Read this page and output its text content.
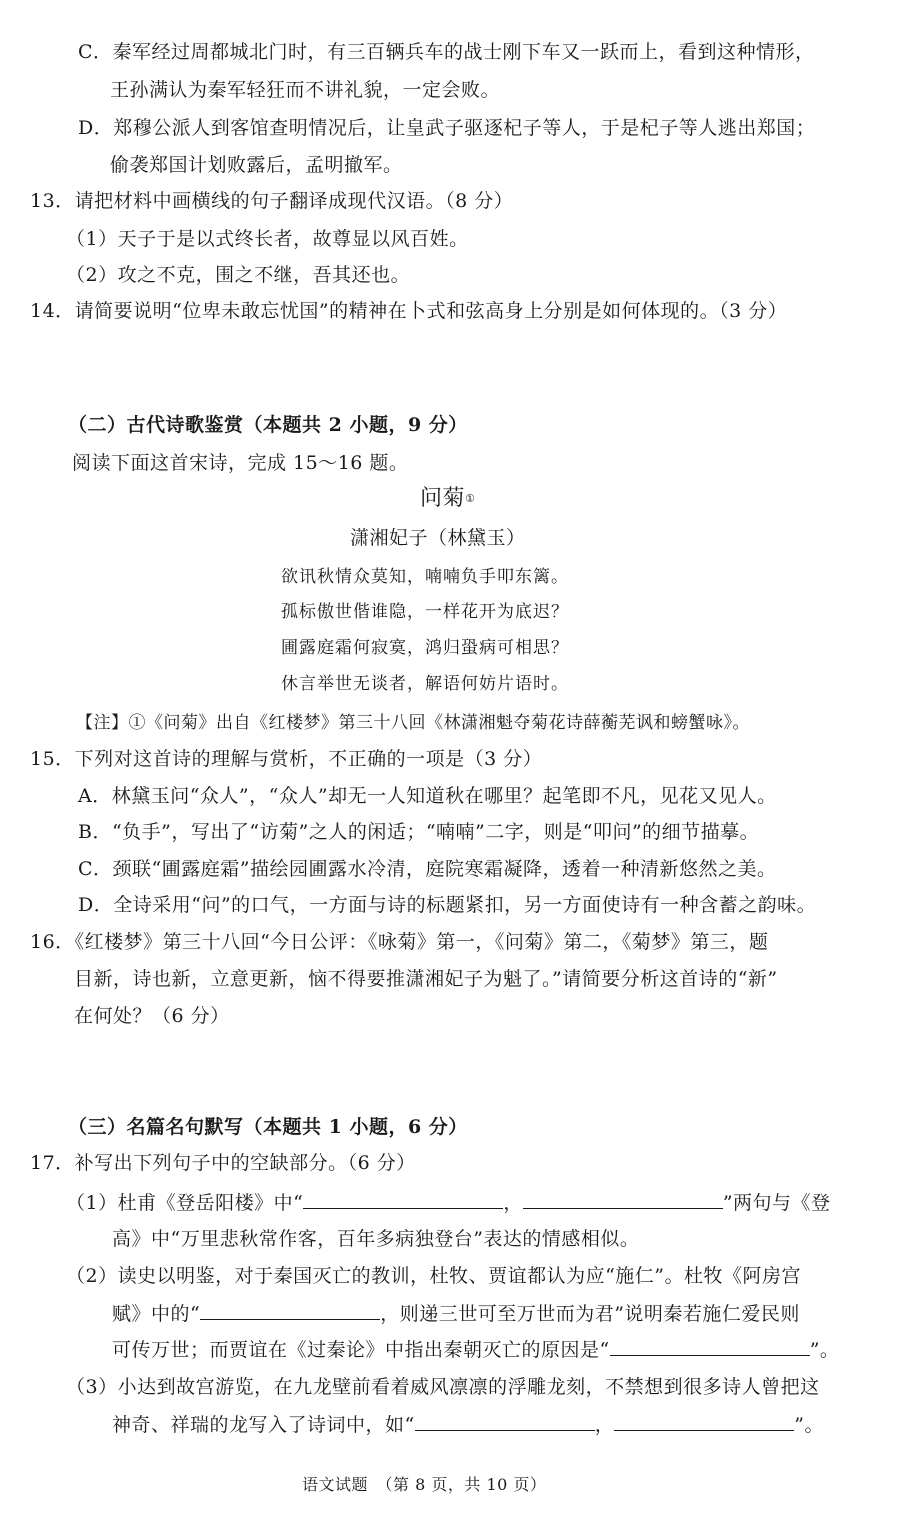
C．秦军经过周都城北门时，有三百辆兵车的战士刚下车又一跃而上，看到这种情形，
王孙满认为秦军轻狂而不讲礼貌，一定会败。
D．郑穆公派人到客馆查明情况后，让皇武子驱逐杞子等人，于是杞子等人逃出郑国；
偷袭郑国计划败露后，孟明撤军。
13．请把材料中画横线的句子翻译成现代汉语。（8 分）
（1）天子于是以式终长者，故尊显以风百姓。
（2）攻之不克，围之不继，吾其还也。
14．请简要说明“位卑未敢忘忧国”的精神在卜式和弦高身上分别是如何体现的。（3 分）
（二）古代诗歌鉴赏（本题共 2 小题，9 分）
阅读下面这首宋诗，完成 15～16 题。
问菊①
潇湘妃子（林黛玉）
欲讯秋情众莫知，喃喃负手叩东篱。
孤标傲世偕谁隐，一样花开为底迟？
圃露庭霜何寂寞，鸿归蛩病可相思？
休言举世无谈者，解语何妨片语时。
【注】①《问菊》出自《红楼梦》第三十八回《林潇湘魁夺菊花诗薛蘅芜讽和螃蟹咏》。
15．下列对这首诗的理解与赏析，不正确的一项是（3 分）
A．林黛玉问“众人”，“众人”却无一人知道秋在哪里？起笔即不凡，见花又见人。
B．“负手”，写出了“访菊”之人的闲适；“喃喃”二字，则是“叩问”的细节描摹。
C．颈联“圃露庭霜”描绘园圃露水冷清，庭院寒霜凝降，透着一种清新悠然之美。
D．全诗采用“问”的口气，一方面与诗的标题紧扣，另一方面使诗有一种含蓄之韵味。
16．《红楼梦》第三十八回“今日公评：《咏菊》第一，《问菊》第二，《菊梦》第三，题
目新，诗也新，立意更新，恼不得要推潇湘妃子为魁了。”请简要分析这首诗的“新”
在何处？（6 分）
（三）名篇名句默写（本题共 1 小题，6 分）
17．补写出下列句子中的空缺部分。（6 分）
（1）杜甫《登岳阳楼》中“	，	”两句与《登
高》中“万里悲秋常作客，百年多病独登台”表达的情感相似。
（2）读史以明鉴，对于秦国灭亡的教训，杜牧、贾谊都认为应“施仁”。杜牧《阿房宫
赋》中的“	，则递三世可至万世而为君”说明秦若施仁爱民则
可传万世；而贾谊在《过秦论》中指出秦朝灭亡的原因是“	”。
（3）小达到故宫游览，在九龙壁前看着威风凛凛的浮雕龙刻，不禁想到很多诗人曾把这
神奇、祥瑞的龙写入了诗词中，如“	，	”。
语文试题　（第 8 页，共 10 页）
